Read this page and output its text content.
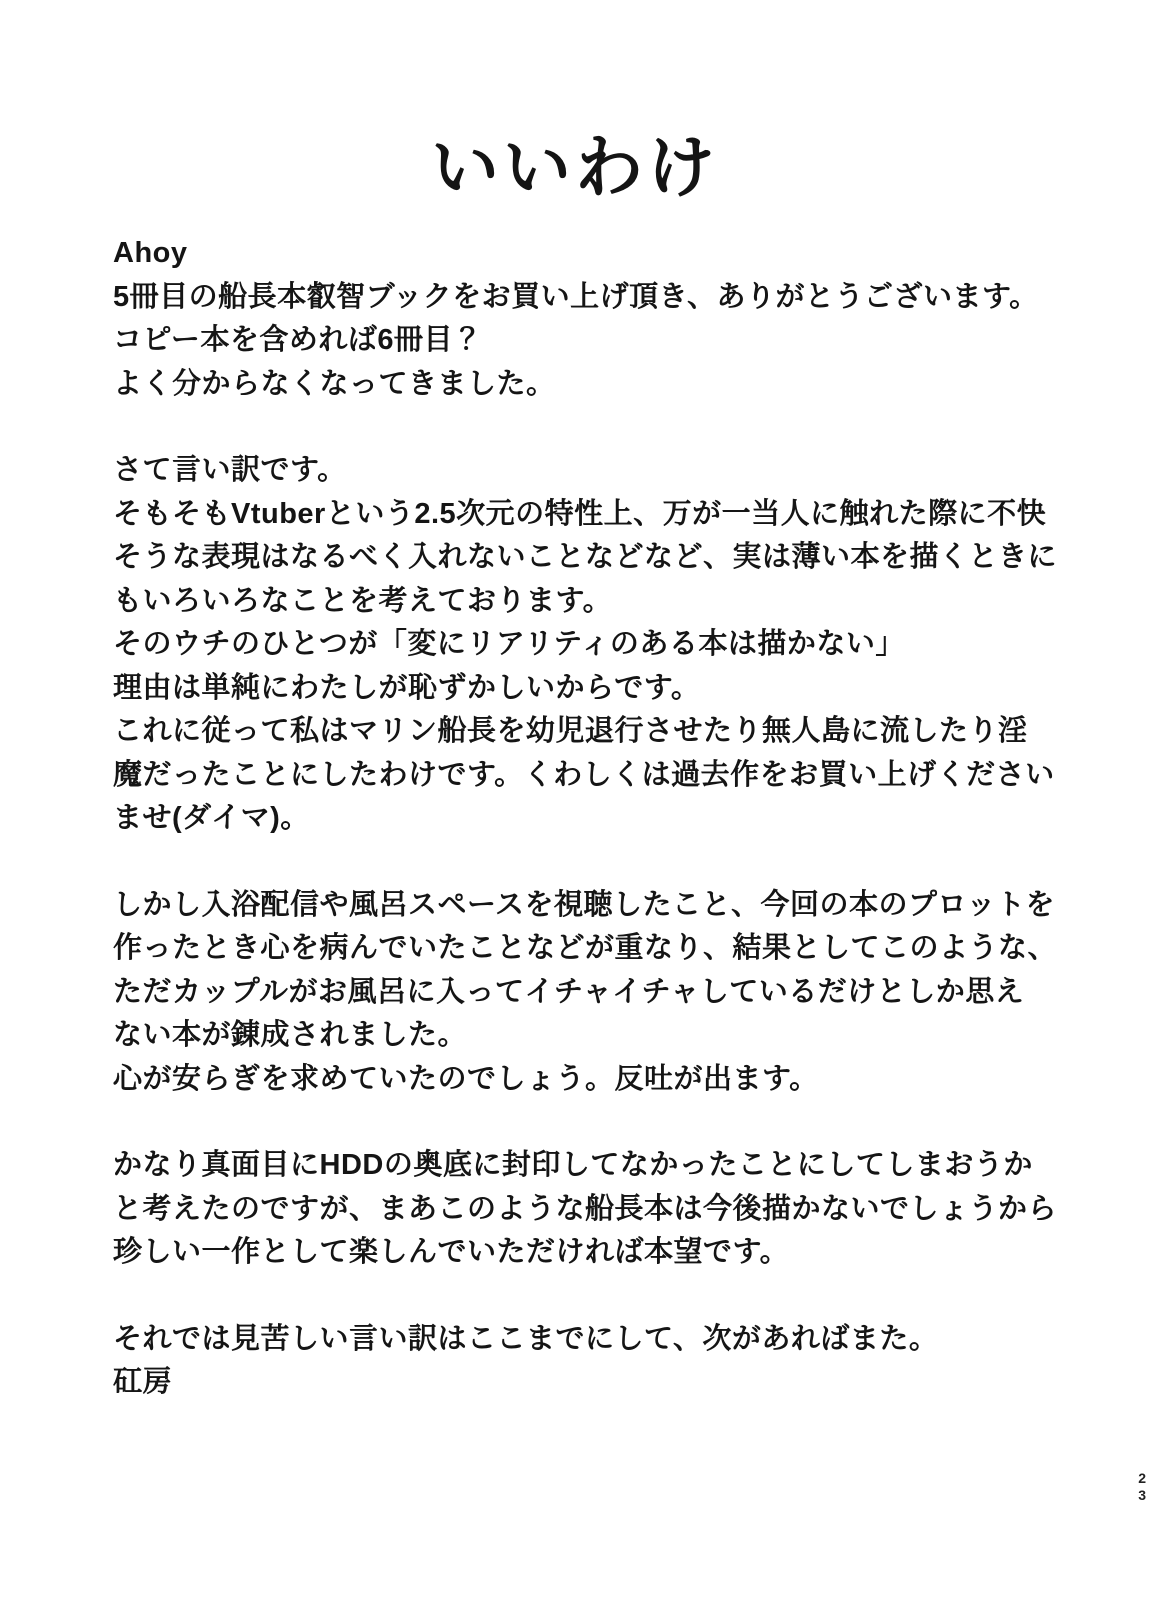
いいわけ
Ahoy
5冊目の船長本叡智ブックをお買い上げ頂き、ありがとうございます。
コピー本を含めれば6冊目？
よく分からなくなってきました。
さて言い訳です。
そもそもVtuberという2.5次元の特性上、万が一当人に触れた際に不快
そうな表現はなるべく入れないことなどなど、実は薄い本を描くときに
もいろいろなことを考えております。
そのウチのひとつが「変にリアリティのある本は描かない」
理由は単純にわたしが恥ずかしいからです。
これに従って私はマリン船長を幼児退行させたり無人島に流したり淫
魔だったことにしたわけです。くわしくは過去作をお買い上げください
ませ(ダイマ)。
しかし入浴配信や風呂スペースを視聴したこと、今回の本のプロットを
作ったとき心を病んでいたことなどが重なり、結果としてこのような、
ただカップルがお風呂に入ってイチャイチャしているだけとしか思え
ない本が錬成されました。
心が安らぎを求めていたのでしょう。反吐が出ます。
かなり真面目にHDDの奥底に封印してなかったことにしてしまおうか
と考えたのですが、まあこのような船長本は今後描かないでしょうから
珍しい一作として楽しんでいただければ本望です。
それでは見苦しい言い訳はここまでにして、次があればまた。
矼房
2
3
